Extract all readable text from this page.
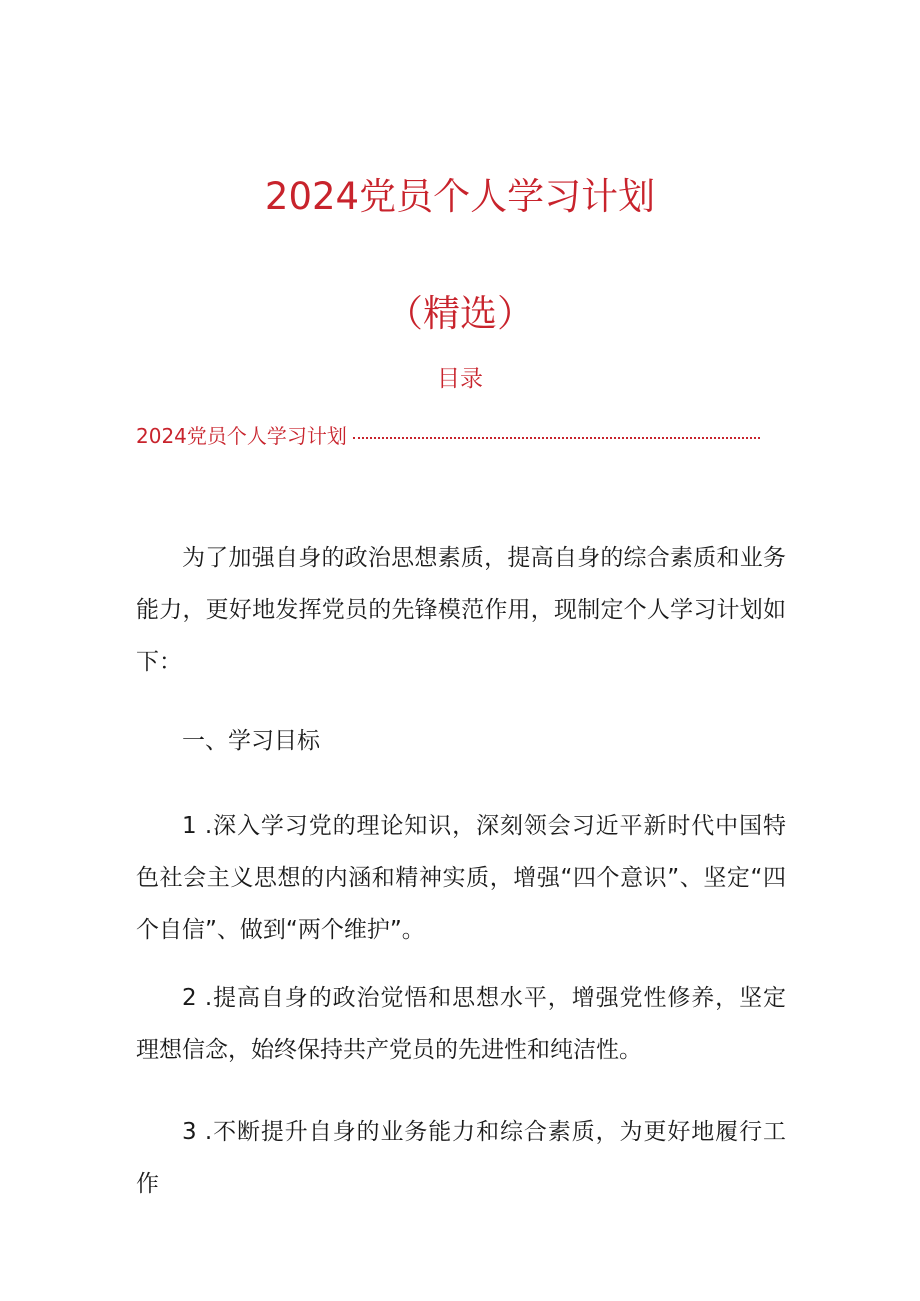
2024党员个人学习计划
（精选）
目录
2024党员个人学习计划

为了加强自身的政治思想素质，提高自身的综合素质和业务能力，更好地发挥党员的先锋模范作用，现制定个人学习计划如下：

一、学习目标

1 .深入学习党的理论知识，深刻领会习近平新时代中国特色社会主义思想的内涵和精神实质，增强“四个意识”、坚定“四个自信”、做到“两个维护”。

2 .提高自身的政治觉悟和思想水平，增强党性修养，坚定理想信念，始终保持共产党员的先进性和纯洁性。

3 .不断提升自身的业务能力和综合素质，为更好地履行工作
